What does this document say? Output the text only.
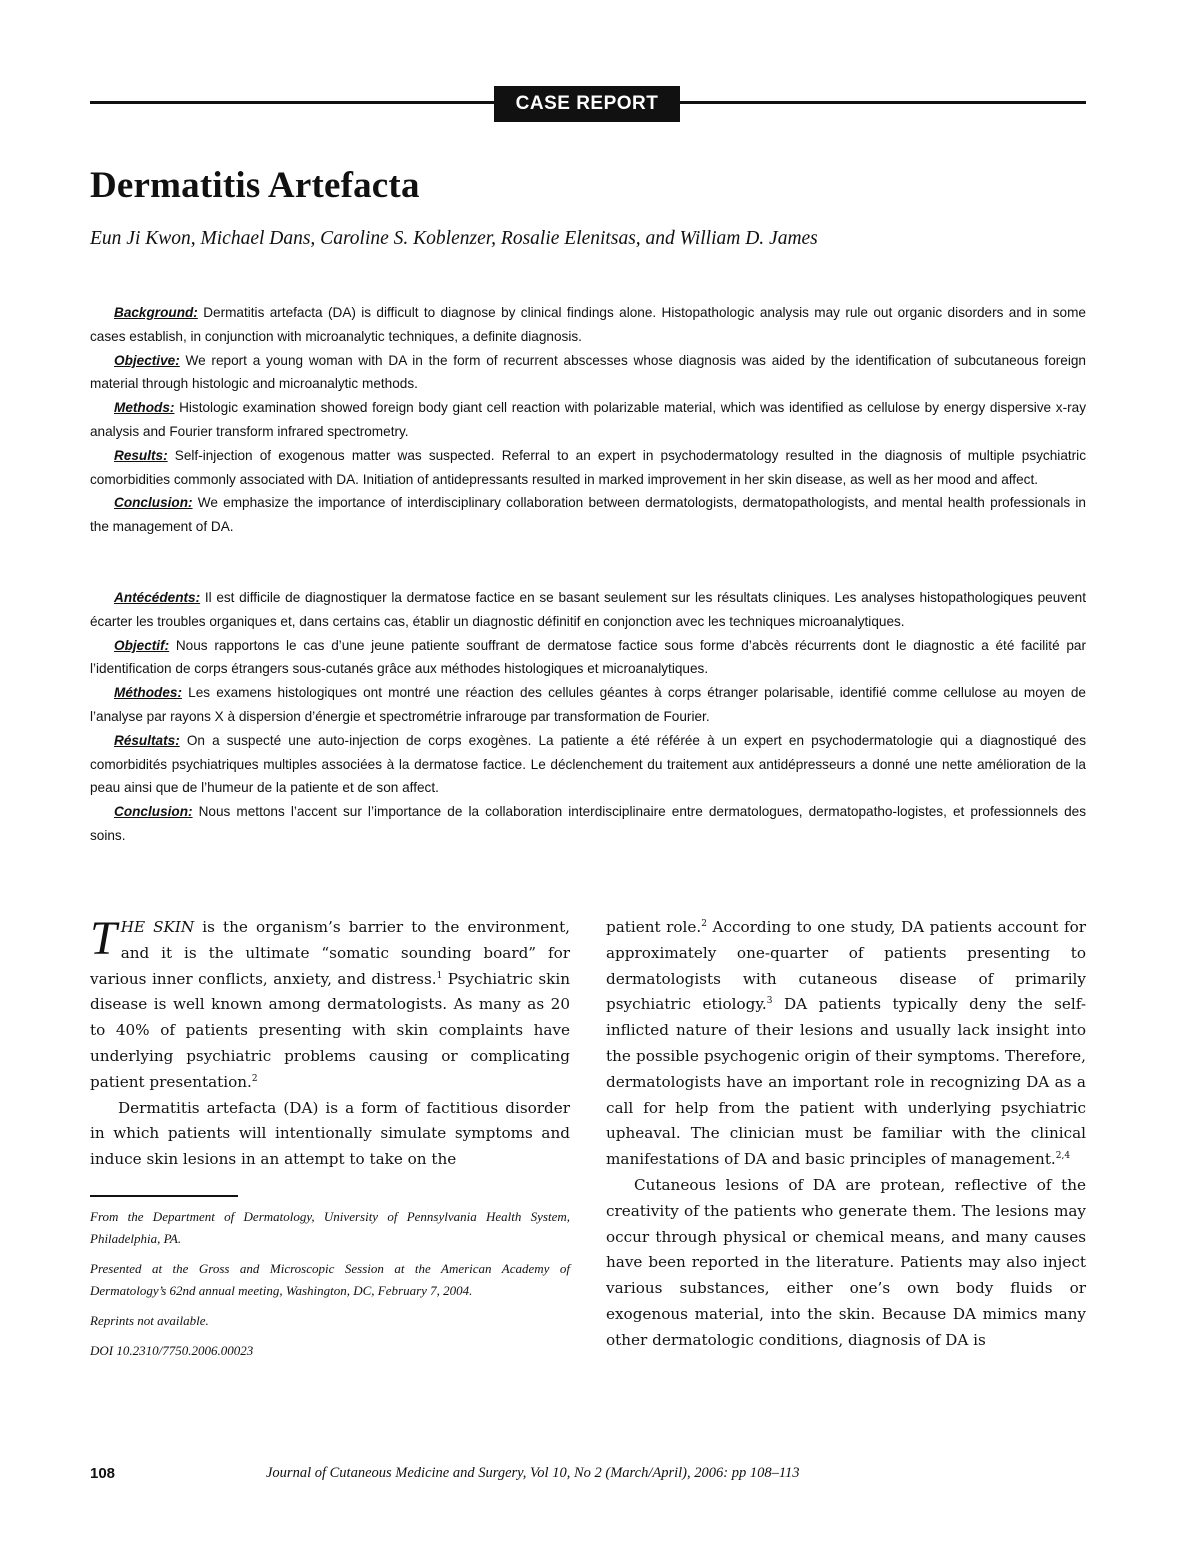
CASE REPORT
Dermatitis Artefacta

Eun Ji Kwon, Michael Dans, Caroline S. Koblenzer, Rosalie Elenitsas, and William D. James

Background: Dermatitis artefacta (DA) is difficult to diagnose by clinical findings alone. Histopathologic analysis may rule out organic disorders and in some cases establish, in conjunction with microanalytic techniques, a definite diagnosis.

Objective: We report a young woman with DA in the form of recurrent abscesses whose diagnosis was aided by the identification of subcutaneous foreign material through histologic and microanalytic methods.

Methods: Histologic examination showed foreign body giant cell reaction with polarizable material, which was identified as cellulose by energy dispersive x-ray analysis and Fourier transform infrared spectrometry.

Results: Self-injection of exogenous matter was suspected. Referral to an expert in psychodermatology resulted in the diagnosis of multiple psychiatric comorbidities commonly associated with DA. Initiation of antidepressants resulted in marked improvement in her skin disease, as well as her mood and affect.

Conclusion: We emphasize the importance of interdisciplinary collaboration between dermatologists, dermatopathologists, and mental health professionals in the management of DA.

Antécédents: Il est difficile de diagnostiquer la dermatose factice en se basant seulement sur les résultats cliniques. Les analyses histopathologiques peuvent écarter les troubles organiques et, dans certains cas, établir un diagnostic définitif en conjonction avec les techniques microanalytiques.

Objectif: Nous rapportons le cas d’une jeune patiente souffrant de dermatose factice sous forme d’abcès récurrents dont le diagnostic a été facilité par l’identification de corps étrangers sous-cutanés grâce aux méthodes histologiques et microanalytiques.

Méthodes: Les examens histologiques ont montré une réaction des cellules géantes à corps étranger polarisable, identifié comme cellulose au moyen de l’analyse par rayons X à dispersion d’énergie et spectrométrie infrarouge par transformation de Fourier.

Résultats: On a suspecté une auto-injection de corps exogènes. La patiente a été référée à un expert en psychodermatologie qui a diagnostiqué des comorbidités psychiatriques multiples associées à la dermatose factice. Le déclenchement du traitement aux antidépresseurs a donné une nette amélioration de la peau ainsi que de l’humeur de la patiente et de son affect.

Conclusion: Nous mettons l’accent sur l’importance de la collaboration interdisciplinaire entre dermatologues, dermatopatho-logistes, et professionnels des soins.

THE SKIN is the organism’s barrier to the environment, and it is the ultimate “somatic sounding board” for various inner conflicts, anxiety, and distress.$^1$ Psychiatric skin disease is well known among dermatologists. As many as 20 to 40% of patients presenting with skin complaints have underlying psychiatric problems causing or complicating patient presentation.$^2$

Dermatitis artefacta (DA) is a form of factitious disorder in which patients will intentionally simulate symptoms and induce skin lesions in an attempt to take on the

From the Department of Dermatology, University of Pennsylvania Health System, Philadelphia, PA.

Presented at the Gross and Microscopic Session at the American Academy of Dermatology’s 62nd annual meeting, Washington, DC, February 7, 2004.

Reprints not available.

DOI 10.2310/7750.2006.00023

patient role.$^2$ According to one study, DA patients account for approximately one-quarter of patients presenting to dermatologists with cutaneous disease of primarily psychiatric etiology.$^3$ DA patients typically deny the self-inflicted nature of their lesions and usually lack insight into the possible psychogenic origin of their symptoms. Therefore, dermatologists have an important role in recognizing DA as a call for help from the patient with underlying psychiatric upheaval. The clinician must be familiar with the clinical manifestations of DA and basic principles of management.$^{2,4}$

Cutaneous lesions of DA are protean, reflective of the creativity of the patients who generate them. The lesions may occur through physical or chemical means, and many causes have been reported in the literature. Patients may also inject various substances, either one’s own body fluids or exogenous material, into the skin. Because DA mimics many other dermatologic conditions, diagnosis of DA is

108	Journal of Cutaneous Medicine and Surgery, Vol 10, No 2 (March/April), 2006: pp 108–113
